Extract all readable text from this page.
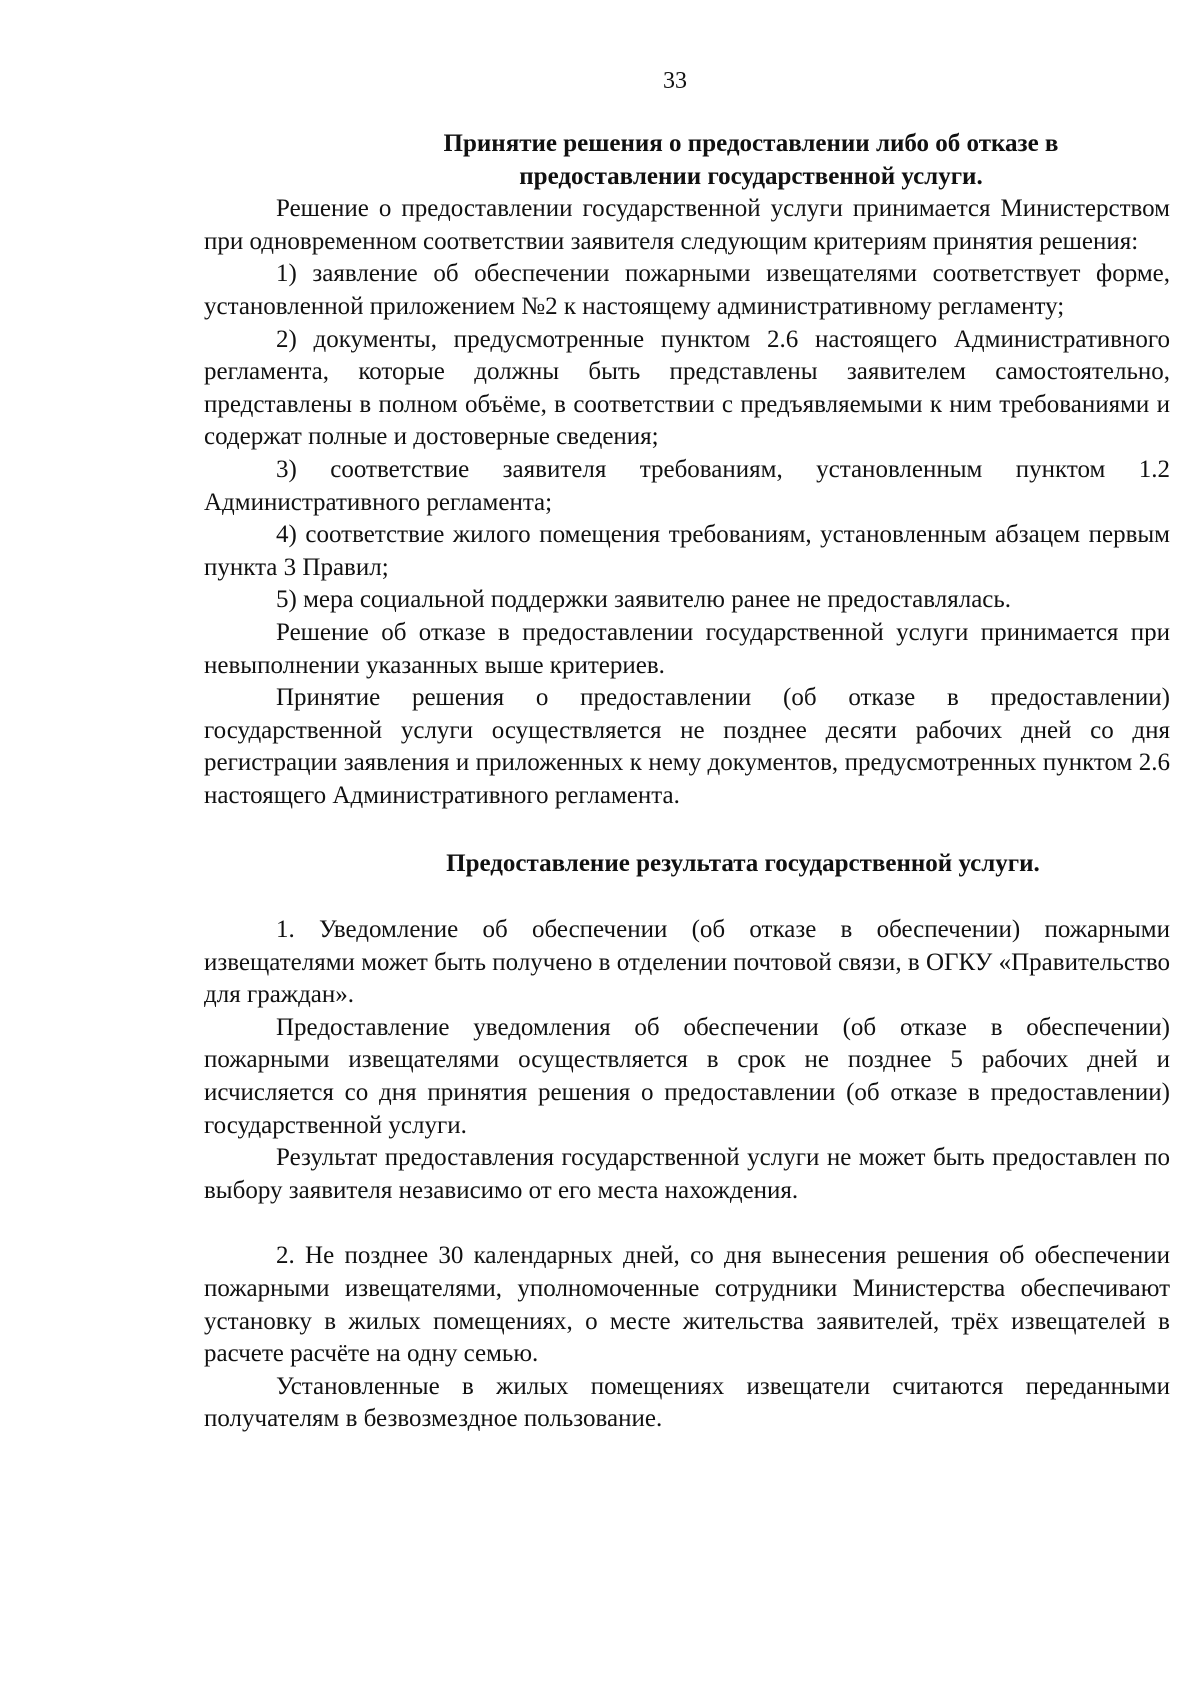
33
Принятие решения о предоставлении либо об отказе в
предоставлении государственной услуги.

Решение о предоставлении государственной услуги принимается Министерством при одновременном соответствии заявителя следующим критериям принятия решения:

1) заявление об обеспечении пожарными извещателями соответствует форме, установленной приложением №2 к настоящему административному регламенту;

2) документы, предусмотренные пунктом 2.6 настоящего Административного регламента, которые должны быть представлены заявителем самостоятельно, представлены в полном объёме, в соответствии с предъявляемыми к ним требованиями и содержат полные и достоверные сведения;

3) соответствие заявителя требованиям, установленным пунктом 1.2 Административного регламента;

4) соответствие жилого помещения требованиям, установленным абзацем первым пункта 3 Правил;

5) мера социальной поддержки заявителю ранее не предоставлялась.

Решение об отказе в предоставлении государственной услуги принимается при невыполнении указанных выше критериев.

Принятие решения о предоставлении (об отказе в предоставлении) государственной услуги осуществляется не позднее десяти рабочих дней со дня регистрации заявления и приложенных к нему документов, предусмотренных пунктом 2.6 настоящего Административного регламента.

Предоставление результата государственной услуги.

1. Уведомление об обеспечении (об отказе в обеспечении) пожарными извещателями может быть получено в отделении почтовой связи, в ОГКУ «Правительство для граждан».

Предоставление уведомления об обеспечении (об отказе в обеспечении) пожарными извещателями осуществляется в срок не позднее 5 рабочих дней и исчисляется со дня принятия решения о предоставлении (об отказе в предоставлении) государственной услуги.

Результат предоставления государственной услуги не может быть предоставлен по выбору заявителя независимо от его места нахождения.

2. Не позднее 30 календарных дней, со дня вынесения решения об обеспечении пожарными извещателями, уполномоченные сотрудники Министерства обеспечивают установку в жилых помещениях, о месте жительства заявителей, трёх извещателей в расчете расчёте на одну семью.

Установленные в жилых помещениях извещатели считаются переданными получателям в безвозмездное пользование.
